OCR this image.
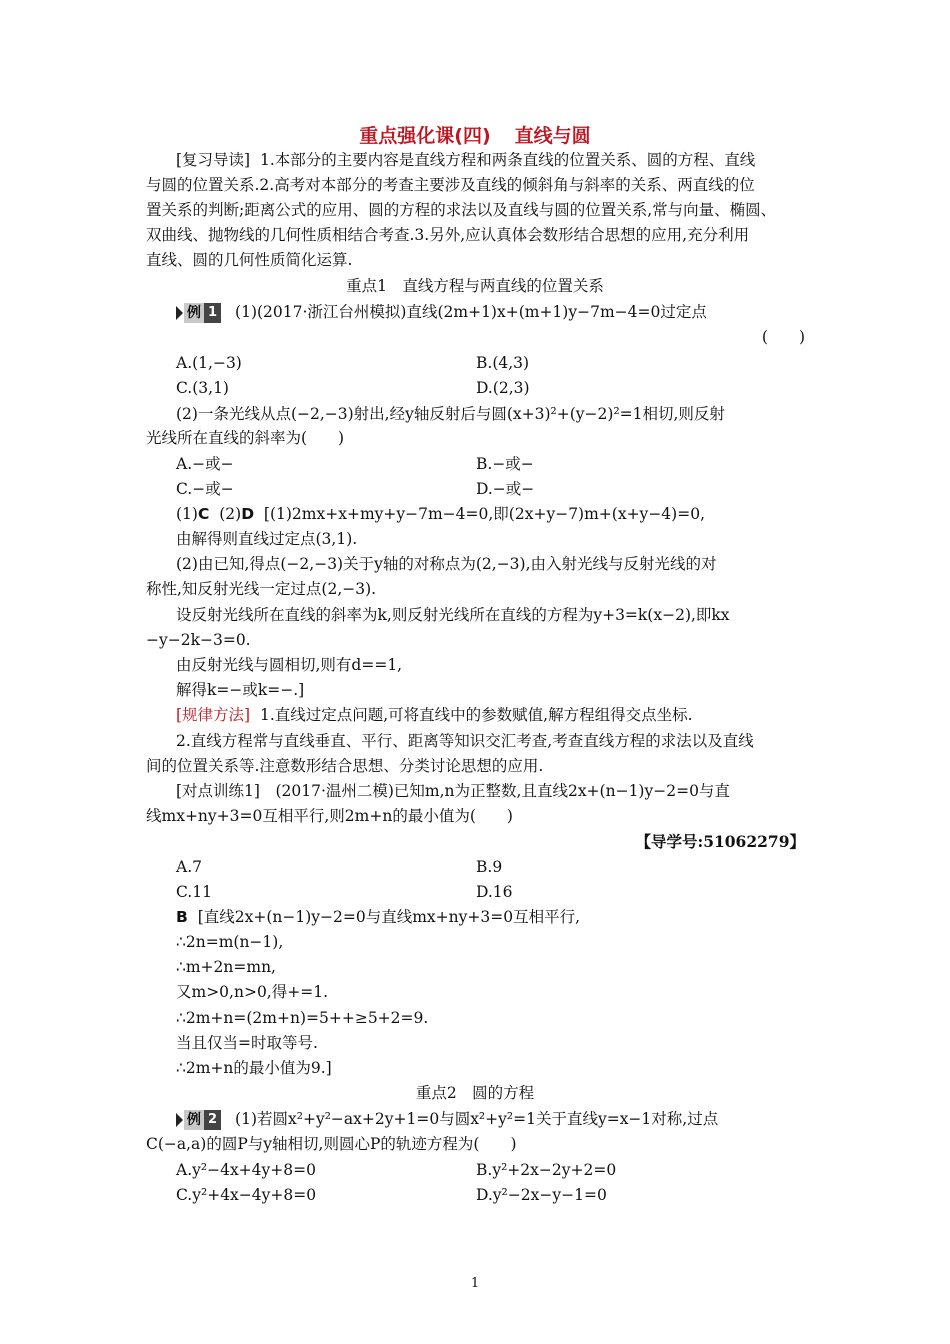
重点强化课(四) 直线与圆
[复习导读] 1.本部分的主要内容是直线方程和两条直线的位置关系、圆的方程、直线
与圆的位置关系.2.高考对本部分的考查主要涉及直线的倾斜角与斜率的关系、两直线的位
置关系的判断;距离公式的应用、圆的方程的求法以及直线与圆的位置关系,常与向量、椭圆、
双曲线、抛物线的几何性质相结合考查.3.另外,应认真体会数形结合思想的应用,充分利用
直线、圆的几何性质简化运算.
重点1　直线方程与两直线的位置关系
例 1 (1)(2017·浙江台州模拟)直线(2m+1)x+(m+1)y−7m−4=0过定点
(　　)
A.(1,−3)	B.(4,3)
C.(3,1)	D.(2,3)
(2)一条光线从点(−2,−3)射出,经y轴反射后与圆(x+3)²+(y−2)²=1相切,则反射
光线所在直线的斜率为(　　)
A.−或−	B.−或−
C.−或−	D.−或−
(1)C (2)D [(1)2mx+x+my+y−7m−4=0,即(2x+y−7)m+(x+y−4)=0,
由解得则直线过定点(3,1).
(2)由已知,得点(−2,−3)关于y轴的对称点为(2,−3),由入射光线与反射光线的对
称性,知反射光线一定过点(2,−3).
设反射光线所在直线的斜率为k,则反射光线所在直线的方程为y+3=k(x−2),即kx
−y−2k−3=0.
由反射光线与圆相切,则有d==1,
解得k=−或k=−.]
[规律方法] 1.直线过定点问题,可将直线中的参数赋值,解方程组得交点坐标.
2.直线方程常与直线垂直、平行、距离等知识交汇考查,考查直线方程的求法以及直线
间的位置关系等.注意数形结合思想、分类讨论思想的应用.
[对点训练1]　(2017·温州二模)已知m,n为正整数,且直线2x+(n−1)y−2=0与直
线mx+ny+3=0互相平行,则2m+n的最小值为(　　)
【导学号:51062279】
A.7	B.9
C.11	D.16
B [直线2x+(n−1)y−2=0与直线mx+ny+3=0互相平行,
∴2n=m(n−1),
∴m+2n=mn,
又m>0,n>0,得+=1.
∴2m+n=(2m+n)=5++≥5+2=9.
当且仅当=时取等号.
∴2m+n的最小值为9.]
重点2　圆的方程
例 2 (1)若圆x²+y²−ax+2y+1=0与圆x²+y²=1关于直线y=x−1对称,过点
C(−a,a)的圆P与y轴相切,则圆心P的轨迹方程为(　　)
A.y²−4x+4y+8=0	B.y²+2x−2y+2=0
C.y²+4x−4y+8=0	D.y²−2x−y−1=0
1
